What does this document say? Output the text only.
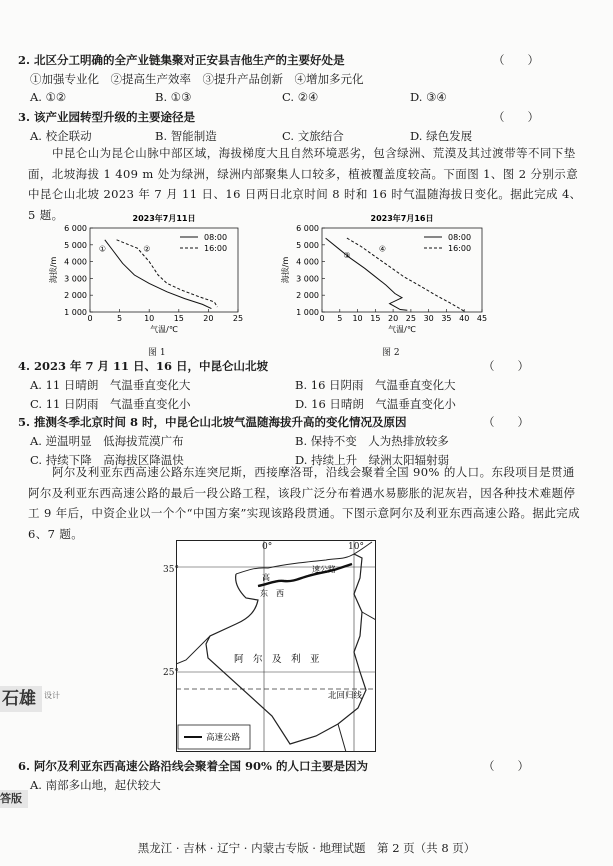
2. 北区分工明确的全产业链集聚对正安县吉他生产的主要好处是	（　　）
①加强专业化　②提高生产效率　③提升产品创新　④增加多元化
A. ①②	B. ①③	C. ②④	D. ③④
3. 该产业园转型升级的主要途径是	（　　）
A. 校企联动	B. 智能制造	C. 文旅结合	D. 绿色发展
中昆仑山为昆仑山脉中部区域，海拔梯度大且自然环境恶劣，包含绿洲、荒漠及其过渡带等不同下垫面，北坡海拔 1 409 m 处为绿洲，绿洲内部聚集人口较多，植被覆盖度较高。下面图 1、图 2 分别示意中昆仑山北坡 2023 年 7 月 11 日、16 日两日北京时间 8 时和 16 时气温随海拔日变化。据此完成 4、5 题。	2023年7月11日
1 000
2 000
3 000
4 000
5 000
6 000
0	5	10 15 20 25
气温/℃
海拔/m
08:00
16:00
①	②
2023年7月16日
1 000
2 000
3 000
4 000
5 000
6 000
0 5 10 15 20 25 30 35 40 45
气温/℃
海拔/m
08:00
16:00
③
④
图 1	图 2
4. 2023 年 7 月 11 日、16 日，中昆仑山北坡	（　　）
A. 11 日晴朗　气温垂直变化大	B. 16 日阴雨　气温垂直变化大
C. 11 日阴雨　气温垂直变化小	D. 16 日晴朗　气温垂直变化小
5. 推测冬季北京时间 8 时，中昆仑山北坡气温随海拔升高的变化情况及原因	（　　）
A. 逆温明显　低海拔荒漠广布	B. 保持不变　人为热排放较多
C. 持续下降　高海拔区降温快	D. 持续上升　绿洲太阳辐射弱
阿尔及利亚东西高速公路东连突尼斯，西接摩洛哥，沿线会聚着全国 90% 的人口。东段项目是贯通阿尔及利亚东西高速公路的最后一段公路工程，该段广泛分布着遇水易膨胀的泥灰岩，因各种技术难题停工 9 年后，中资企业以一个个“中国方案”实现该路段贯通。下图示意阿尔及利亚东西高速公路。据此完成 6、7 题。
高速公路
高
东　西
速公路
阿　尔　及　利　亚
北回归线
35°
25°
0°	10°
石雄	设计
答版
6. 阿尔及利亚东西高速公路沿线会聚着全国 90% 的人口主要是因为	（　　）
A. 南部多山地，起伏较大
黑龙江 · 吉林 · 辽宁 · 内蒙古专版 · 地理试题　第 2 页（共 8 页）
